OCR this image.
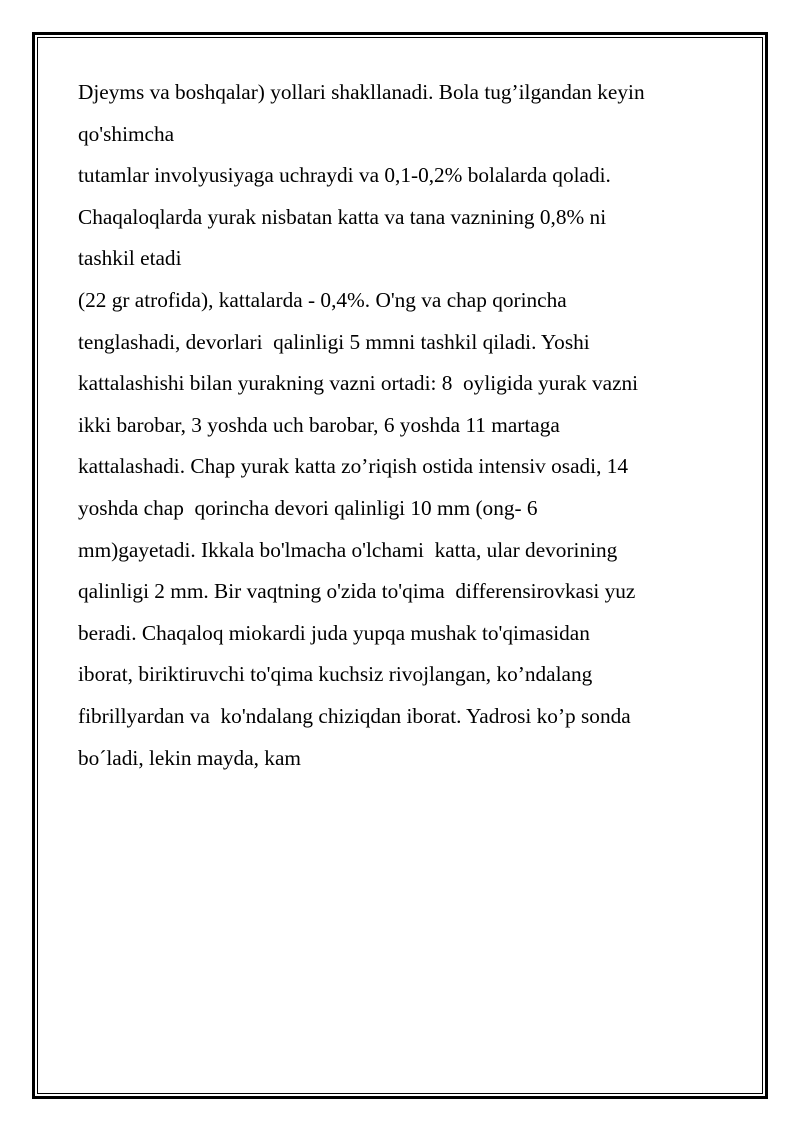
Djeyms va boshqalar) yollari shakllanadi. Bola tug’ilgandan keyin
qo'shimcha
tutamlar involyusiyaga uchraydi va 0,1-0,2% bolalarda qoladi.
Chaqaloqlarda yurak nisbatan katta va tana vaznining 0,8% ni
tashkil etadi
(22 gr atrofida), kattalarda - 0,4%. O'ng va chap qorincha
tenglashadi, devorlari  qalinligi 5 mmni tashkil qiladi. Yoshi
kattalashishi bilan yurakning vazni ortadi: 8  oyligida yurak vazni
ikki barobar, 3 yoshda uch barobar, 6 yoshda 11 martaga
kattalashadi. Chap yurak katta zo’riqish ostida intensiv osadi, 14
yoshda chap  qorincha devori qalinligi 10 mm (ong- 6
mm)gayetadi. Ikkala bo'lmacha o'lchami  katta, ular devorining
qalinligi 2 mm. Bir vaqtning o'zida to'qima  differensirovkasi yuz
beradi. Chaqaloq miokardi juda yupqa mushak to'qimasidan
iborat, biriktiruvchi to'qima kuchsiz rivojlangan, ko’ndalang
fibrillyardan va  ko'ndalang chiziqdan iborat. Yadrosi ko’p sonda
bo´ladi, lekin mayda, kam
